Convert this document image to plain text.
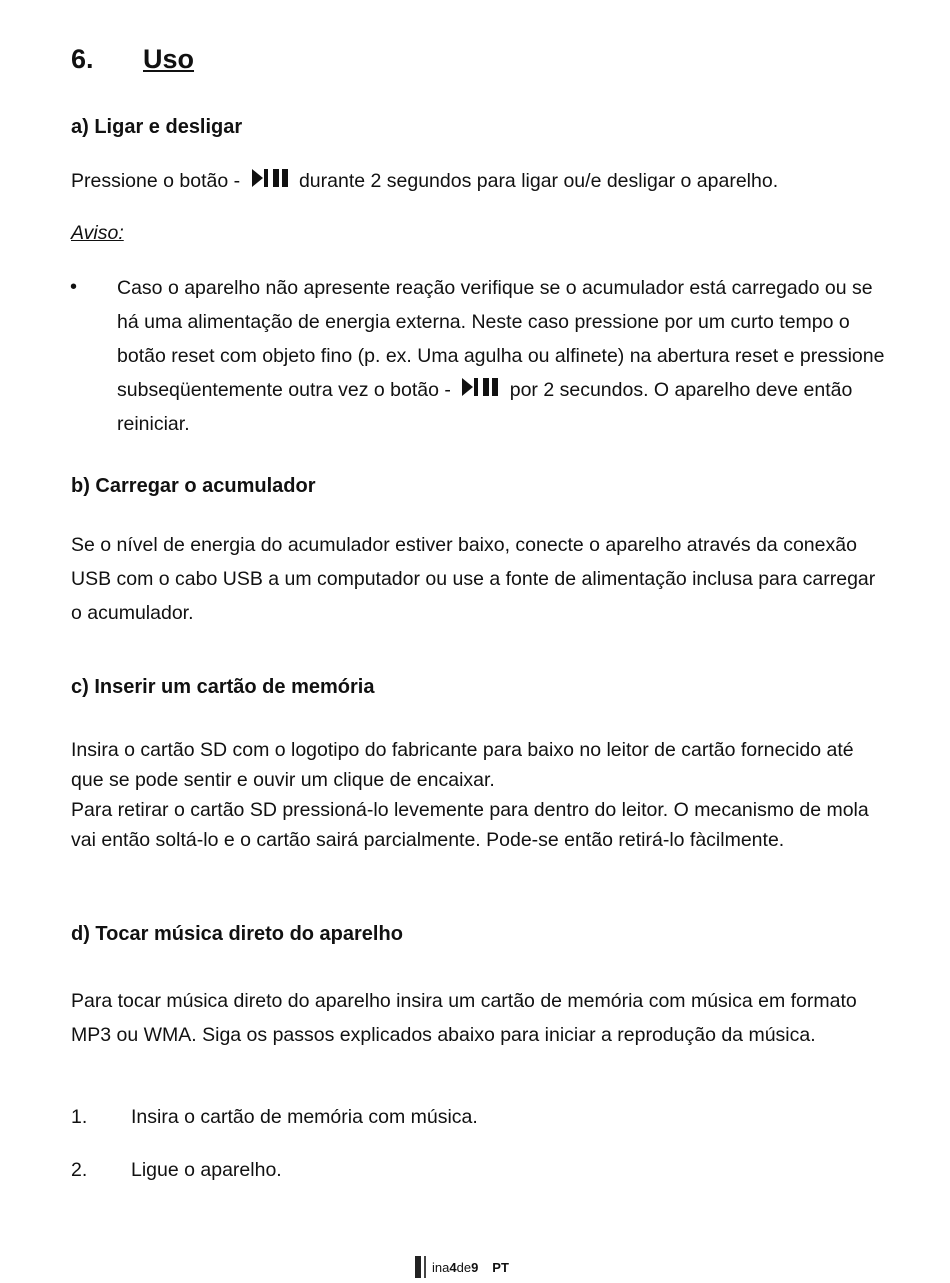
6. Uso
a) Ligar e desligar
Pressione o botão -
durante 2 segundos para ligar ou/e desligar o aparelho.
Aviso:
• Caso o aparelho não apresente reação verifique se o acumulador está carregado ou se há uma alimentação de energia externa. Neste caso pressione por um curto tempo o botão reset com objeto fino (p. ex. Uma agulha ou alfinete) na abertura reset e pressione subseqüentemente outra vez o botão -
por 2 secundos. O aparelho deve então reiniciar.
b) Carregar o acumulador
Se o nível de energia do acumulador estiver baixo, conecte o aparelho através da conexão USB com o cabo USB a um computador ou use a fonte de alimentação inclusa para carregar o acumulador.
c) Inserir um cartão de memória
Insira o cartão SD com o logotipo do fabricante para baixo no leitor de cartão fornecido até que se pode sentir e ouvir um clique de encaixar.
Para retirar o cartão SD pressioná-lo levemente para dentro do leitor. O mecanismo de mola vai então soltá-lo e o cartão sairá parcialmente. Pode-se então retirá-lo fàcilmente.
d) Tocar música direto do aparelho
Para tocar música direto do aparelho insira um cartão de memória com música em formato MP3 ou WMA. Siga os passos explicados abaixo para iniciar a reprodução da música.
1. Insira o cartão de memória com música.
2. Ligue o aparelho.
ina 4 de 9 PT
